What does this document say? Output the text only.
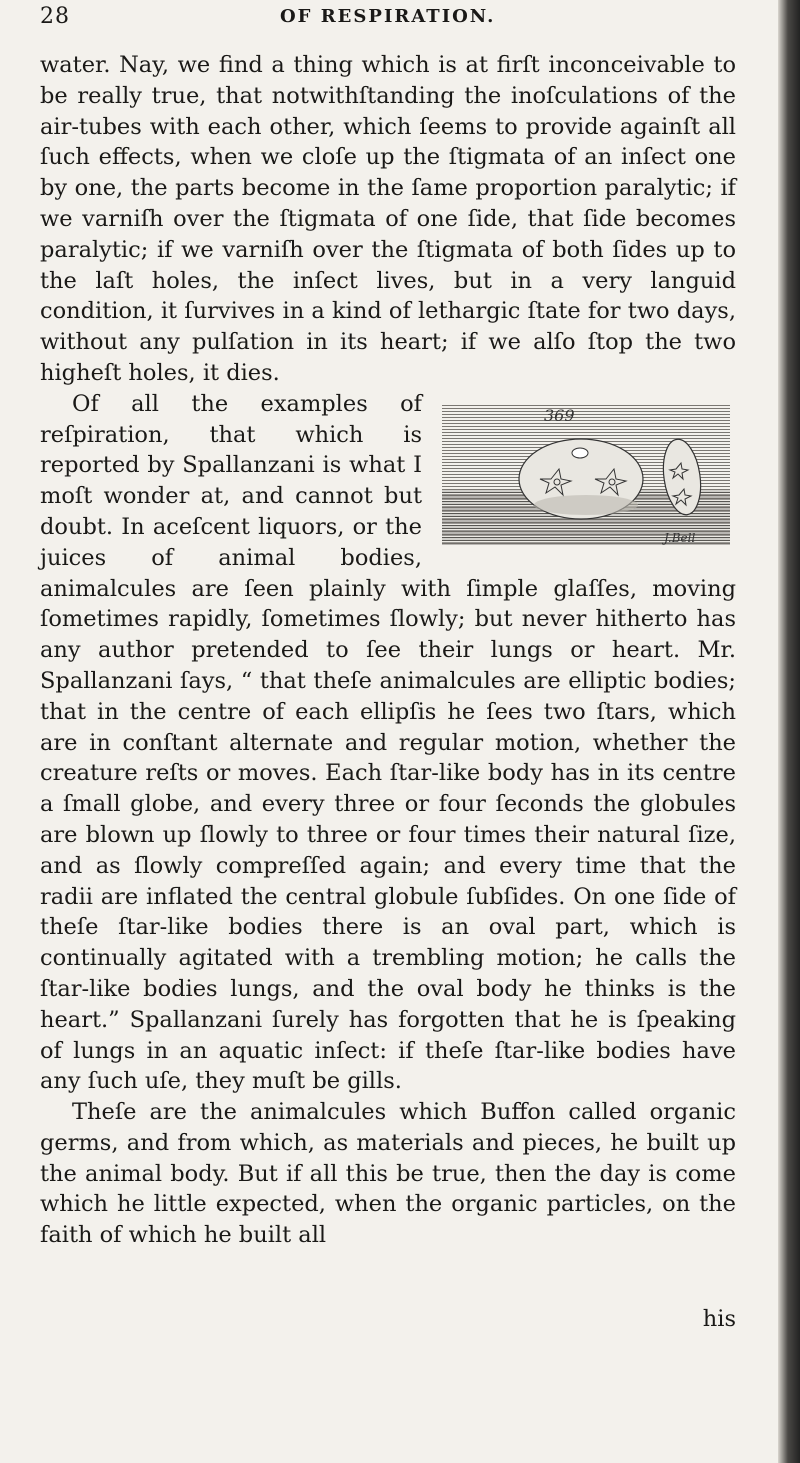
28	OF RESPIRATION.

water. Nay, we find a thing which is at firſt inconceivable to be really true, that notwithſtanding the inoſculations of the air-tubes with each other, which ſeems to provide againſt all ſuch effects, when we cloſe up the ſtigmata of an inſect one by one, the parts become in the ſame proportion paralytic; if we varniſh over the ſtigmata of one ſide, that ſide becomes paralytic; if we varniſh over the ſtigmata of both ſides up to the laſt holes, the inſect lives, but in a very languid condition, it ſurvives in a kind of lethargic ſtate for two days, without any pulſation in its heart; if we alſo ſtop the two higheſt holes, it dies.

369
J.Bell

Of all the examples of reſpiration, that which is reported by Spallanzani is what I moſt wonder at, and cannot but doubt. In aceſcent liquors, or the juices of animal bodies, animalcules are ſeen plainly with ſimple glaſſes, moving ſometimes rapidly, ſometimes ſlowly; but never hitherto has any author pretended to ſee their lungs or heart. Mr. Spallanzani ſays, “ that theſe animalcules are elliptic bodies; that in the centre of each ellipſis he ſees two ſtars, which are in conſtant alternate and regular motion, whether the creature reſts or moves. Each ſtar-like body has in its centre a ſmall globe, and every three or four ſeconds the globules are blown up ſlowly to three or four times their natural ſize, and as ſlowly compreſſed again; and every time that the radii are inflated the central globule ſubſides. On one ſide of theſe ſtar-like bodies there is an oval part, which is continually agitated with a trembling motion; he calls the ſtar-like bodies lungs, and the oval body he thinks is the heart.” Spallanzani ſurely has forgotten that he is ſpeaking of lungs in an aquatic inſect: if theſe ſtar-like bodies have any ſuch uſe, they muſt be gills.

Theſe are the animalcules which Buffon called organic germs, and from which, as materials and pieces, he built up the animal body. But if all this be true, then the day is come which he little expected, when the organic particles, on the faith of which he built all

his
